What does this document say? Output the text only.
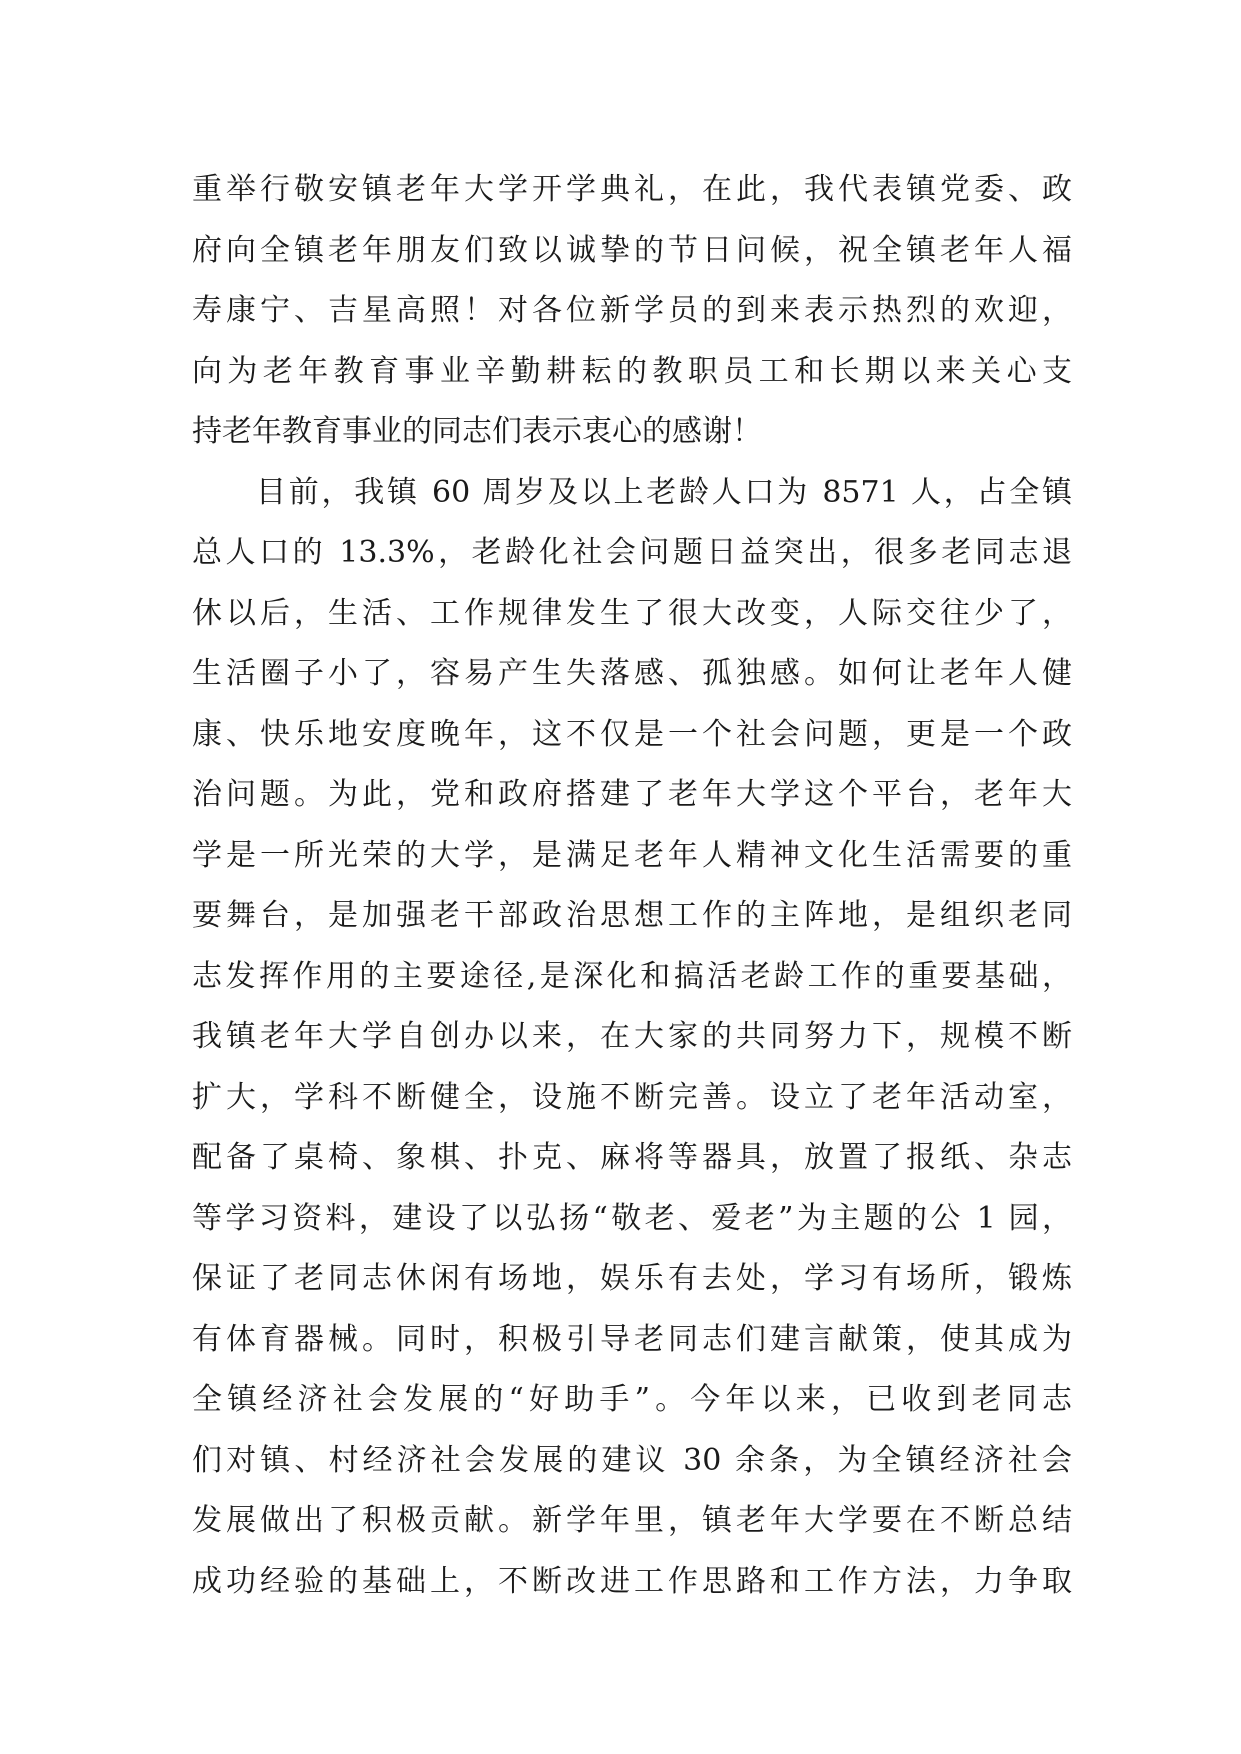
重举行敬安镇老年大学开学典礼，在此，我代表镇党委、政
府向全镇老年朋友们致以诚挚的节日问候，祝全镇老年人福
寿康宁、吉星高照！对各位新学员的到来表示热烈的欢迎，
向为老年教育事业辛勤耕耘的教职员工和长期以来关心支
持老年教育事业的同志们表示衷心的感谢！
目前，我镇 60 周岁及以上老龄人口为 8571 人，占全镇
总人口的 13.3%，老龄化社会问题日益突出，很多老同志退
休以后，生活、工作规律发生了很大改变，人际交往少了，
生活圈子小了，容易产生失落感、孤独感。如何让老年人健
康、快乐地安度晚年，这不仅是一个社会问题，更是一个政
治问题。为此，党和政府搭建了老年大学这个平台，老年大
学是一所光荣的大学，是满足老年人精神文化生活需要的重
要舞台，是加强老干部政治思想工作的主阵地，是组织老同
志发挥作用的主要途径,是深化和搞活老龄工作的重要基础，
我镇老年大学自创办以来，在大家的共同努力下，规模不断
扩大，学科不断健全，设施不断完善。设立了老年活动室，
配备了桌椅、象棋、扑克、麻将等器具，放置了报纸、杂志
等学习资料，建设了以弘扬“敬老、爱老”为主题的公 1 园，
保证了老同志休闲有场地，娱乐有去处，学习有场所，锻炼
有体育器械。同时，积极引导老同志们建言献策，使其成为
全镇经济社会发展的“好助手”。今年以来，已收到老同志
们对镇、村经济社会发展的建议 30 余条，为全镇经济社会
发展做出了积极贡献。新学年里，镇老年大学要在不断总结
成功经验的基础上，不断改进工作思路和工作方法，力争取
